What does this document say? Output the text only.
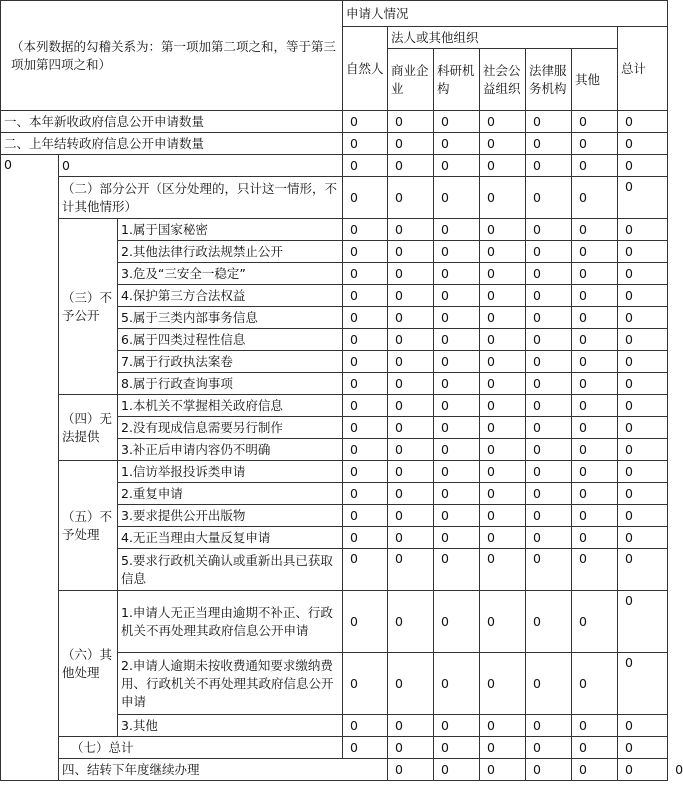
（本列数据的勾稽关系为：第一项加第二项之和，等于第三项加第四项之和）			申请人情况							
			自然人	法人或其他组织					总计	
				商业企业	科研机构	社会公益组织	法律服务机构	其他		
一、本年新收政府信息公开申请数量			0	0	0	0	0	0	0	
二、上年结转政府信息公开申请数量			0	0	0	0	0	0	0	
0	0		0	0	0	0	0	0	0	
	（二）部分公开（区分处理的，只计这一情形，不计其他情形）		0	0	0	0	0	0	0	
	（三）不予公开	1.属于国家秘密	0	0	0	0	0	0	0	
		2.其他法律行政法规禁止公开	0	0	0	0	0	0	0	
		3.危及“三安全一稳定”	0	0	0	0	0	0	0	
		4.保护第三方合法权益	0	0	0	0	0	0	0	
		5.属于三类内部事务信息	0	0	0	0	0	0	0	
		6.属于四类过程性信息	0	0	0	0	0	0	0	
		7.属于行政执法案卷	0	0	0	0	0	0	0	
		8.属于行政查询事项	0	0	0	0	0	0	0	
	（四）无法提供	1.本机关不掌握相关政府信息	0	0	0	0	0	0	0	
		2.没有现成信息需要另行制作	0	0	0	0	0	0	0	
		3.补正后申请内容仍不明确	0	0	0	0	0	0	0	
	（五）不予处理	1.信访举报投诉类申请	0	0	0	0	0	0	0	
		2.重复申请	0	0	0	0	0	0	0	
		3.要求提供公开出版物	0	0	0	0	0	0	0	
		4.无正当理由大量反复申请	0	0	0	0	0	0	0	
		5.要求行政机关确认或重新出具已获取信息	0	0	0	0	0	0	0	
	（六）其他处理	1.申请人无正当理由逾期不补正、行政机关不再处理其政府信息公开申请	0	0	0	0	0	0	0	
		2.申请人逾期未按收费通知要求缴纳费用、行政机关不再处理其政府信息公开申请	0	0	0	0	0	0	0	
		3.其他	0	0	0	0	0	0	0	
	（七）总计		0	0	0	0	0	0	0	
	四、结转下年度继续办理			0	0	0	0	0	0	0
